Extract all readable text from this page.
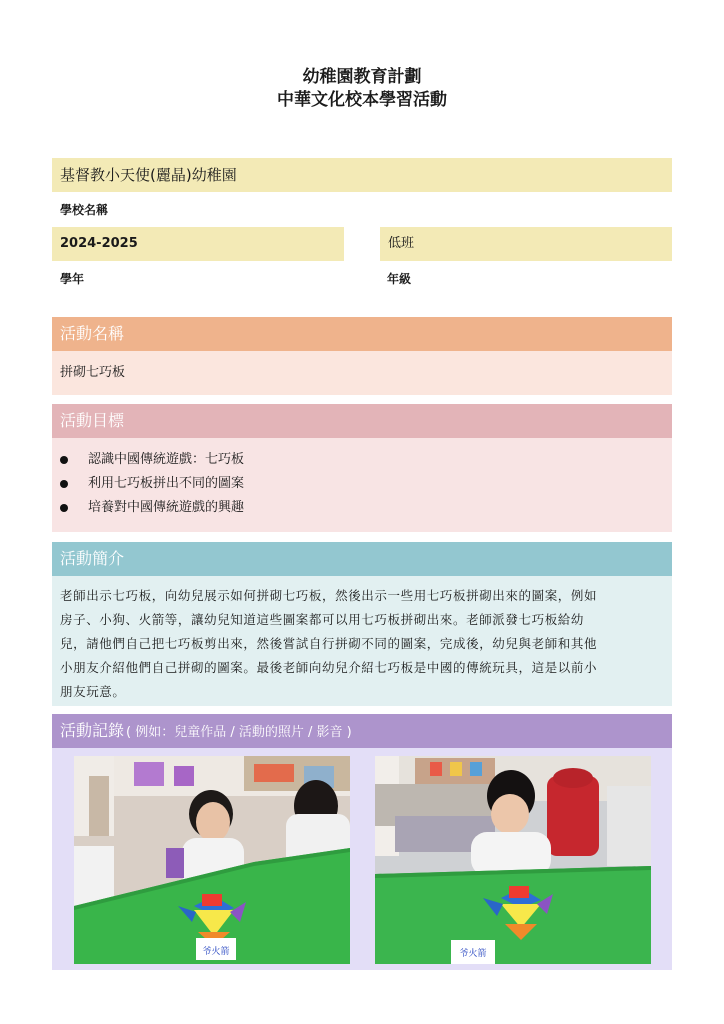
幼稚園教育計劃
中華文化校本學習活動
基督教小天使(麗晶)幼稚園
學校名稱
2024-2025	低班
學年	年級
活動名稱
拼砌七巧板
活動目標
認識中國傳統遊戲：七巧板
利用七巧板拼出不同的圖案
培養對中國傳統遊戲的興趣
活動簡介
老師出示七巧板，向幼兒展示如何拼砌七巧板，然後出示一些用七巧板拼砌出來的圖案，例如
房子、小狗、火箭等，讓幼兒知道這些圖案都可以用七巧板拼砌出來。老師派發七巧板給幼
兒，請他們自己把七巧板剪出來，然後嘗試自行拼砌不同的圖案，完成後，幼兒與老師和其他
小朋友介紹他們自己拼砌的圖案。最後老師向幼兒介紹七巧板是中國的傳統玩具，這是以前小
朋友玩意。
活動記錄 ( 例如：兒童作品 / 活動的照片 / 影音 )
爷火箭	爷火箭
